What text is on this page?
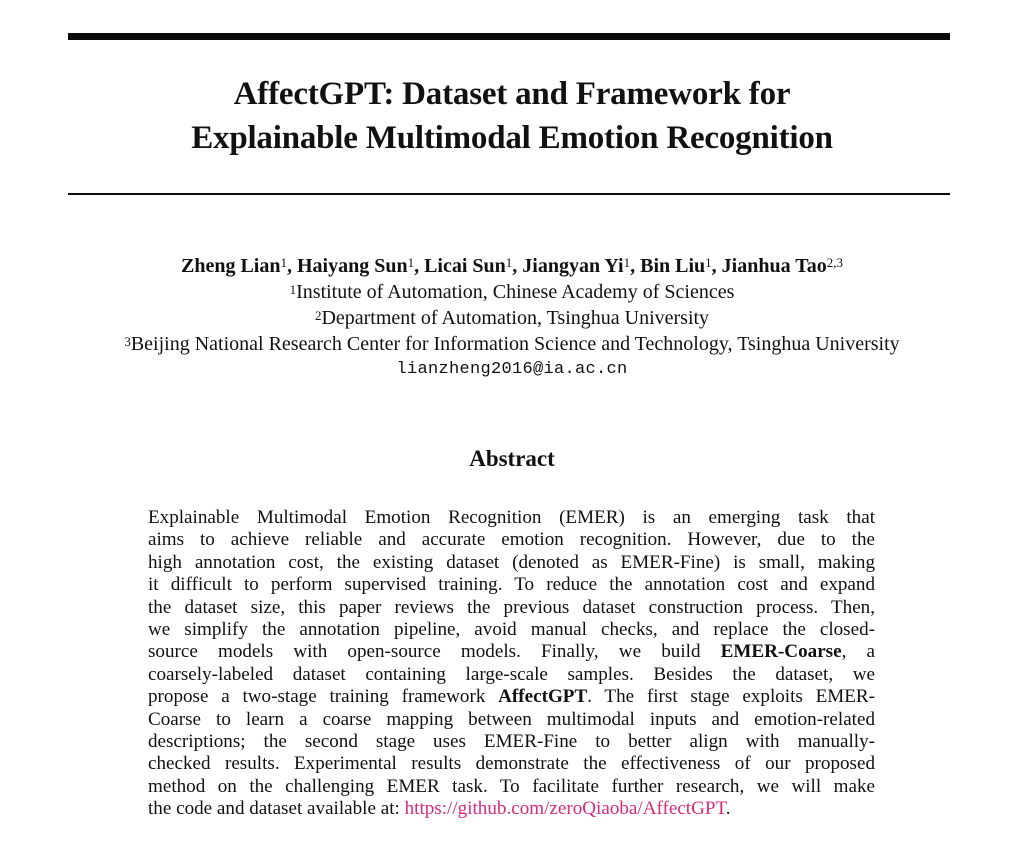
AffectGPT: Dataset and Framework for
Explainable Multimodal Emotion Recognition
Zheng Lian$^1$, Haiyang Sun$^1$, Licai Sun$^1$, Jiangyan Yi$^1$, Bin Liu$^1$, Jianhua Tao$^{2,3}$
$^1$Institute of Automation, Chinese Academy of Sciences
$^2$Department of Automation, Tsinghua University
$^3$Beijing National Research Center for Information Science and Technology, Tsinghua University
lianzheng2016@ia.ac.cn
Abstract
Explainable Multimodal Emotion Recognition (EMER) is an emerging task that
aims to achieve reliable and accurate emotion recognition. However, due to the
high annotation cost, the existing dataset (denoted as EMER-Fine) is small, making
it difficult to perform supervised training. To reduce the annotation cost and expand
the dataset size, this paper reviews the previous dataset construction process. Then,
we simplify the annotation pipeline, avoid manual checks, and replace the closed-
source models with open-source models. Finally, we build EMER-Coarse, a
coarsely-labeled dataset containing large-scale samples. Besides the dataset, we
propose a two-stage training framework AffectGPT. The first stage exploits EMER-
Coarse to learn a coarse mapping between multimodal inputs and emotion-related
descriptions; the second stage uses EMER-Fine to better align with manually-
checked results. Experimental results demonstrate the effectiveness of our proposed
method on the challenging EMER task. To facilitate further research, we will make
the code and dataset available at: https://github.com/zeroQiaoba/AffectGPT.
